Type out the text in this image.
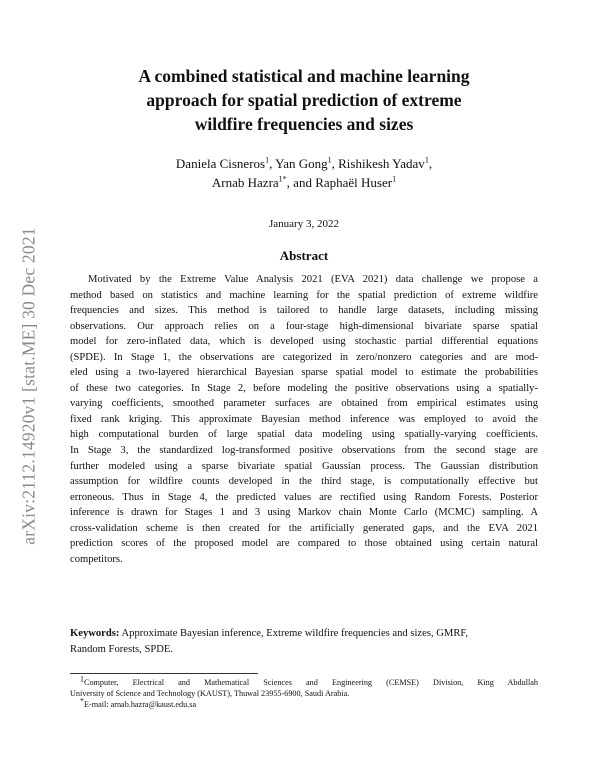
arXiv:2112.14920v1 [stat.ME] 30 Dec 2021
A combined statistical and machine learning
approach for spatial prediction of extreme
wildfire frequencies and sizes
Daniela Cisneros$^1$, Yan Gong$^1$, Rishikesh Yadav$^1$,
Arnab Hazra$^{1*}$, and Raphaël Huser$^1$
January 3, 2022
Abstract
Motivated by the Extreme Value Analysis 2021 (EVA 2021) data challenge we propose a
method based on statistics and machine learning for the spatial prediction of extreme wildfire
frequencies and sizes. This method is tailored to handle large datasets, including missing
observations. Our approach relies on a four-stage high-dimensional bivariate sparse spatial
model for zero-inflated data, which is developed using stochastic partial differential equations
(SPDE). In Stage 1, the observations are categorized in zero/nonzero categories and are mod-
eled using a two-layered hierarchical Bayesian sparse spatial model to estimate the probabilities
of these two categories. In Stage 2, before modeling the positive observations using a spatially-
varying coefficients, smoothed parameter surfaces are obtained from empirical estimates using
fixed rank kriging. This approximate Bayesian method inference was employed to avoid the
high computational burden of large spatial data modeling using spatially-varying coefficients.
In Stage 3, the standardized log-transformed positive observations from the second stage are
further modeled using a sparse bivariate spatial Gaussian process. The Gaussian distribution
assumption for wildfire counts developed in the third stage, is computationally effective but
erroneous. Thus in Stage 4, the predicted values are rectified using Random Forests. Posterior
inference is drawn for Stages 1 and 3 using Markov chain Monte Carlo (MCMC) sampling. A
cross-validation scheme is then created for the artificially generated gaps, and the EVA 2021
prediction scores of the proposed model are compared to those obtained using certain natural
competitors.
Keywords: Approximate Bayesian inference, Extreme wildfire frequencies and sizes, GMRF,
Random Forests, SPDE.
$^1$Computer, Electrical and Mathematical Sciences and Engineering (CEMSE) Division, King Abdullah
University of Science and Technology (KAUST), Thuwal 23955-6900, Saudi Arabia.
*E-mail: arnab.hazra@kaust.edu.sa
